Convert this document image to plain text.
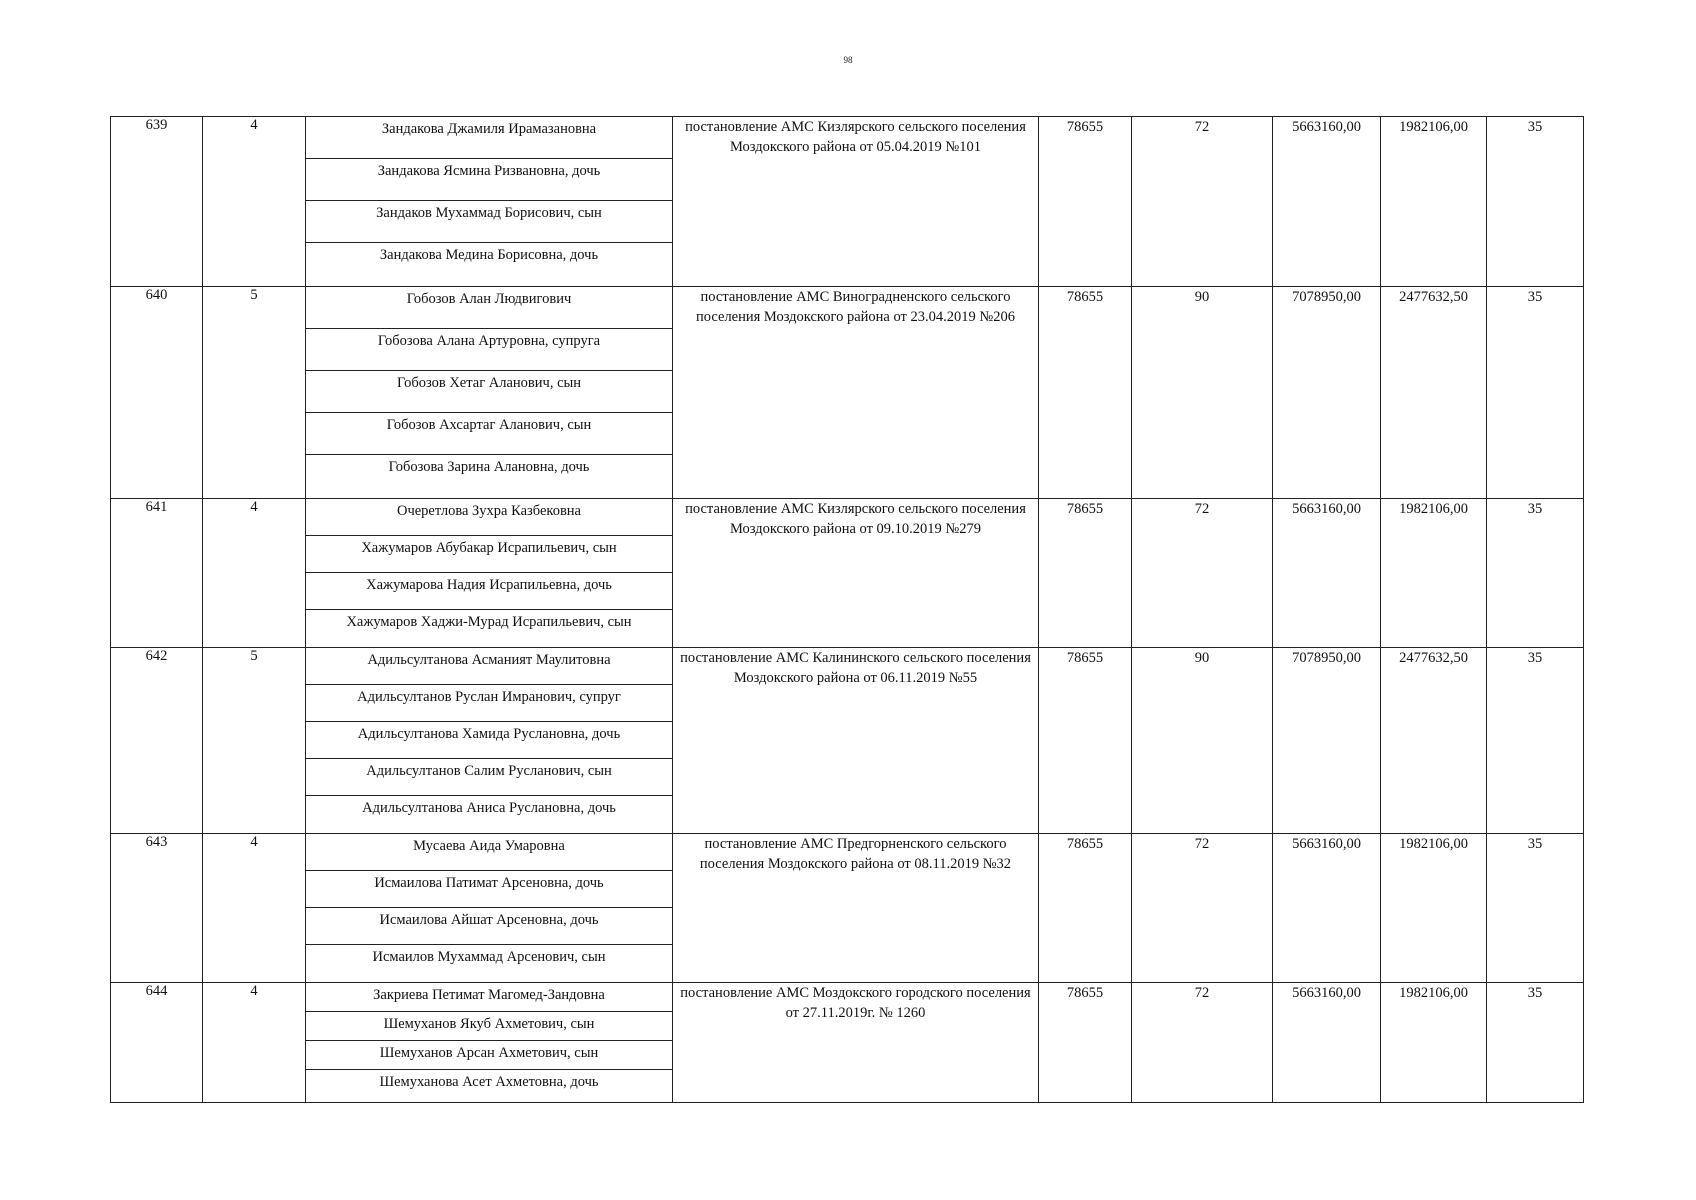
98
639	4	Зандакова Джамиля Ирамазановна
Зандакова Ясмина Ризвановна, дочь
Зандаков Мухаммад Борисович, сын
Зандакова Медина Борисовна, дочь	постановление АМС Кизлярского сельского поселения Моздокского района от 05.04.2019 №101	78655	72	5663160,00	1982106,00	35
640	5	Гобозов Алан Людвигович
Гобозова Алана Артуровна, супруга
Гобозов Хетаг Аланович, сын
Гобозов Ахсартаг Аланович, сын
Гобозова Зарина Алановна, дочь	постановление АМС Виноградненского сельского поселения Моздокского района от 23.04.2019 №206	78655	90	7078950,00	2477632,50	35
641	4	Очеретлова Зухра Казбековна
Хажумаров Абубакар Исрапильевич, сын
Хажумарова Надия Исрапильевна, дочь
Хажумаров Хаджи-Мурад Исрапильевич, сын	постановление АМС Кизлярского сельского поселения Моздокского района от 09.10.2019 №279	78655	72	5663160,00	1982106,00	35
642	5	Адильсултанова Асманият Маулитовна
Адильсултанов Руслан Имранович, супруг
Адильсултанова Хамида Руслановна, дочь
Адильсултанов Салим Русланович, сын
Адильсултанова Аниса Руслановна, дочь	постановление АМС Калининского сельского поселения Моздокского района от 06.11.2019 №55	78655	90	7078950,00	2477632,50	35
643	4	Мусаева Аида Умаровна
Исмаилова Патимат Арсеновна, дочь
Исмаилова Айшат Арсеновна, дочь
Исмаилов Мухаммад Арсенович, сын	постановление АМС Предгорненского сельского поселения Моздокского района от 08.11.2019 №32	78655	72	5663160,00	1982106,00	35
644	4	Закриева Петимат Магомед-Зандовна
Шемуханов Якуб Ахметович, сын
Шемуханов Арсан Ахметович, сын
Шемуханова Асет Ахметовна, дочь	постановление АМС Моздокского городского поселения от 27.11.2019г. № 1260	78655	72	5663160,00	1982106,00	35
